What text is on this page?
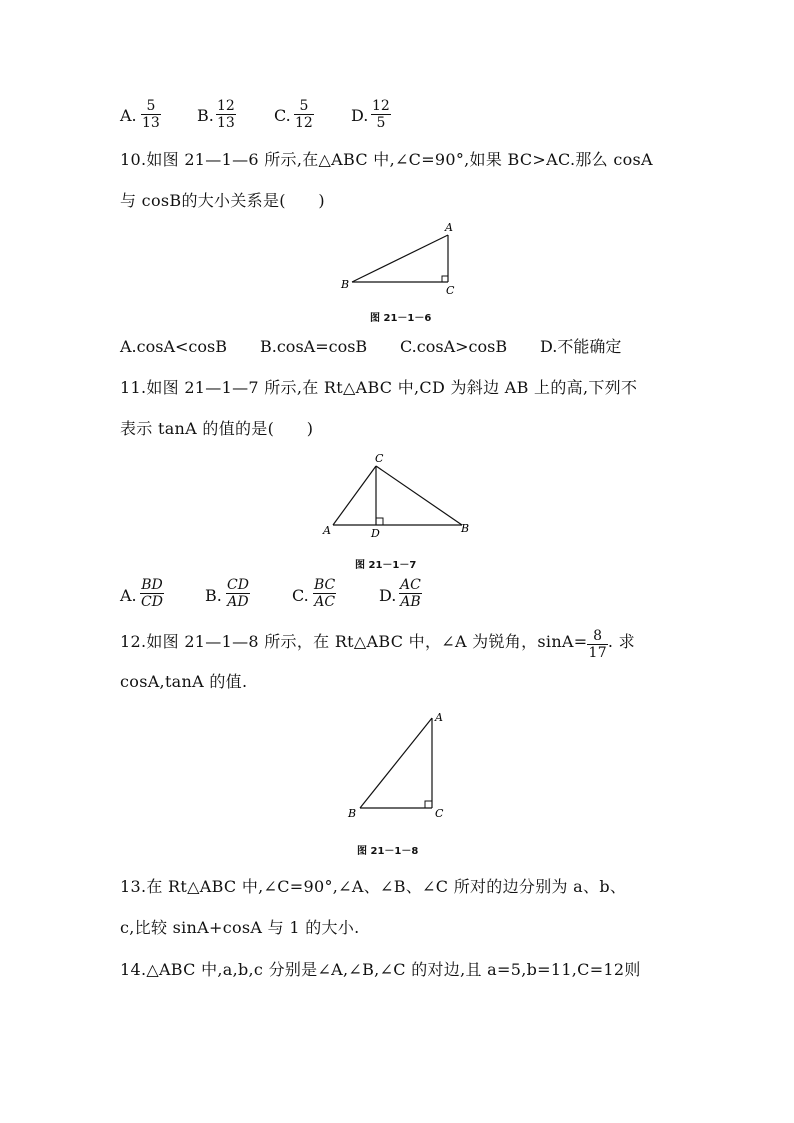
A. $\frac{5}{13} B$. $\frac{12}{13} C$. $\frac{5}{12} D$. $\frac{12}{5}$
10.如图 21—1—6 所示,在△ABC 中,∠C=90°,如果 BC>AC.那么 cosA
与 cosB的大小关系是(　　)
A
B	C
图 21－1－6
A.cosA<cosB B.cosA=cosB C.cosA>cosB D.不能确定
11.如图 21—1—7 所示,在 Rt△ABC 中,CD 为斜边 AB 上的高,下列不
表示 tanA 的值的是(　　)
C
A	D	B
图 21－1－7
A. $\frac{BD}{CD}$	B. $\frac{CD}{AD}$	C. $\frac{BC}{AC}$	D. $\frac{AC}{AB}$
12.如图 21—1—8 所示，在 Rt△ABC 中，∠A 为锐角，$\sin A= \frac{8}{17}$ . 求
cosA,tanA 的值.
A
B	C
图 21－1－8
13.在 Rt△ABC 中,∠C=90°,∠A、∠B、∠C 所对的边分别为 a、b、
c,比较 sinA+cosA 与 1 的大小.
14.△ABC 中,a,b,c 分别是∠A,∠B,∠C 的对边,且 a=5,b=11,C=12则
